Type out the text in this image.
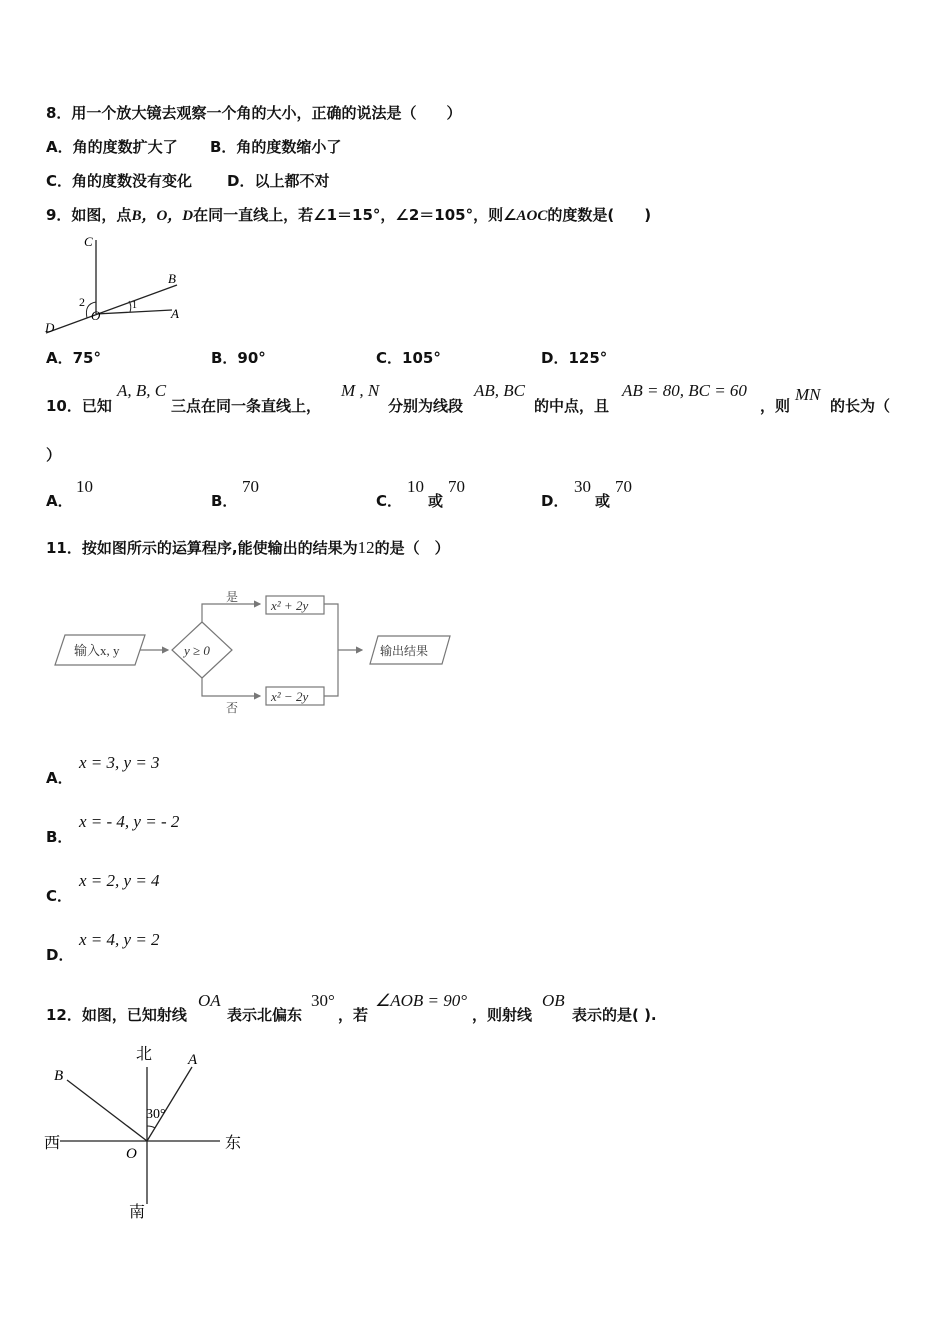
8．用一个放大镜去观察一个角的大小，正确的说法是（　　）
A．角的度数扩大了 B．角的度数缩小了
C．角的度数没有变化 D．以上都不对
9．如图，点B，O，D在同一直线上，若∠1＝15°，∠2＝105°，则∠AOC的度数是(　　)
C
B
A
O
D
1
2
A．75°	B．90°	C．105°	D．125°
10．已知
A, B, C
三点在同一条直线上，
M , N
分别为线段
AB, BC
的中点，且
AB = 80, BC = 60
，则
MN
的长为（
）
A．
10
B．
70
C．
10
或
70
D．
30
或
70
11．按如图所示的运算程序,能使输出的结果为12的是（　）
输入x, y	y ≥ 0
是
x² + 2y
否
x² − 2y
输出结果
A．
x = 3, y = 3
B．
x = - 4, y = - 2
C．
x = 2, y = 4
D．
x = 4, y = 2
12．如图，已知射线
OA
表示北偏东
30°
，若
∠AOB = 90°
，则射线
OB
表示的是( ).
北
南
西	东
A
B
O
30°
